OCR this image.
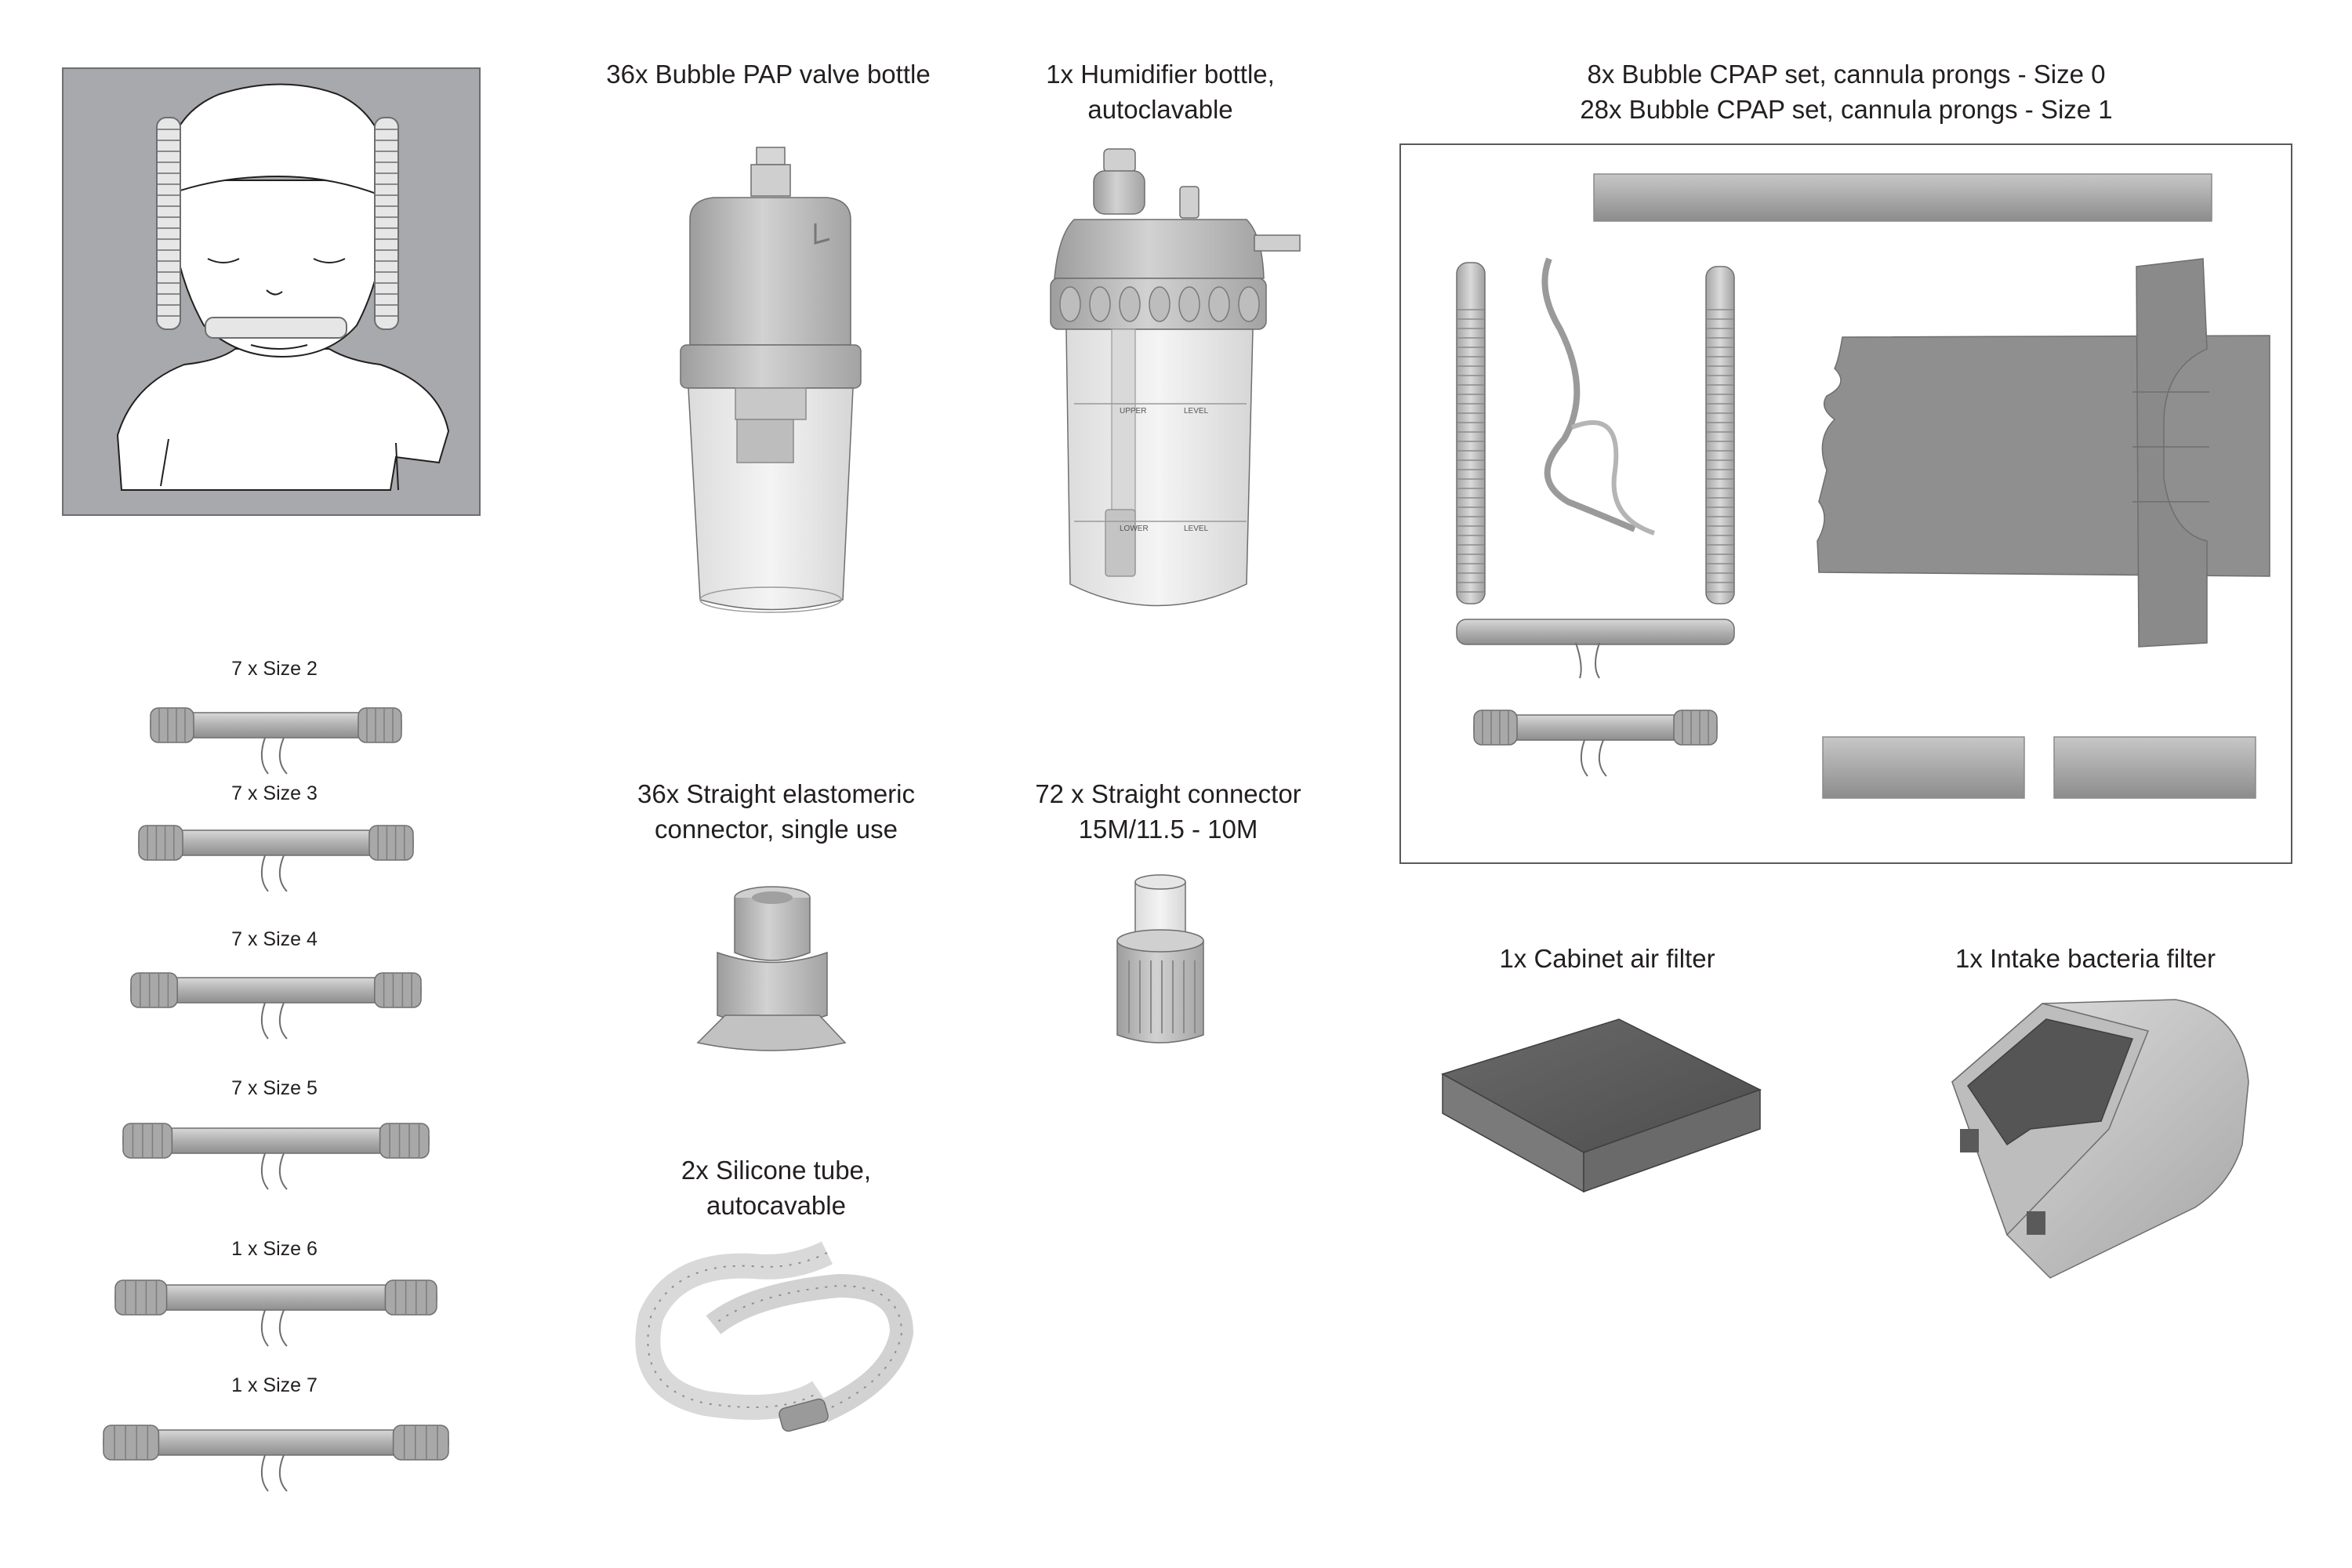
UPPER	LEVEL
LOWER	LEVEL
36x Bubble PAP valve bottle	1x Humidifier bottle,
autoclavable
8x Bubble CPAP set, cannula prongs - Size 0
28x Bubble CPAP set, cannula prongs - Size 1
36x Straight elastomeric
connector, single use
72 x Straight connector
15M/11.5 - 10M
2x Silicone tube,
autocavable
1x Cabinet air filter	1x Intake bacteria filter
7 x Size 2
7 x Size 3
7 x Size 4
7 x Size 5
1 x Size 6
1 x Size 7
